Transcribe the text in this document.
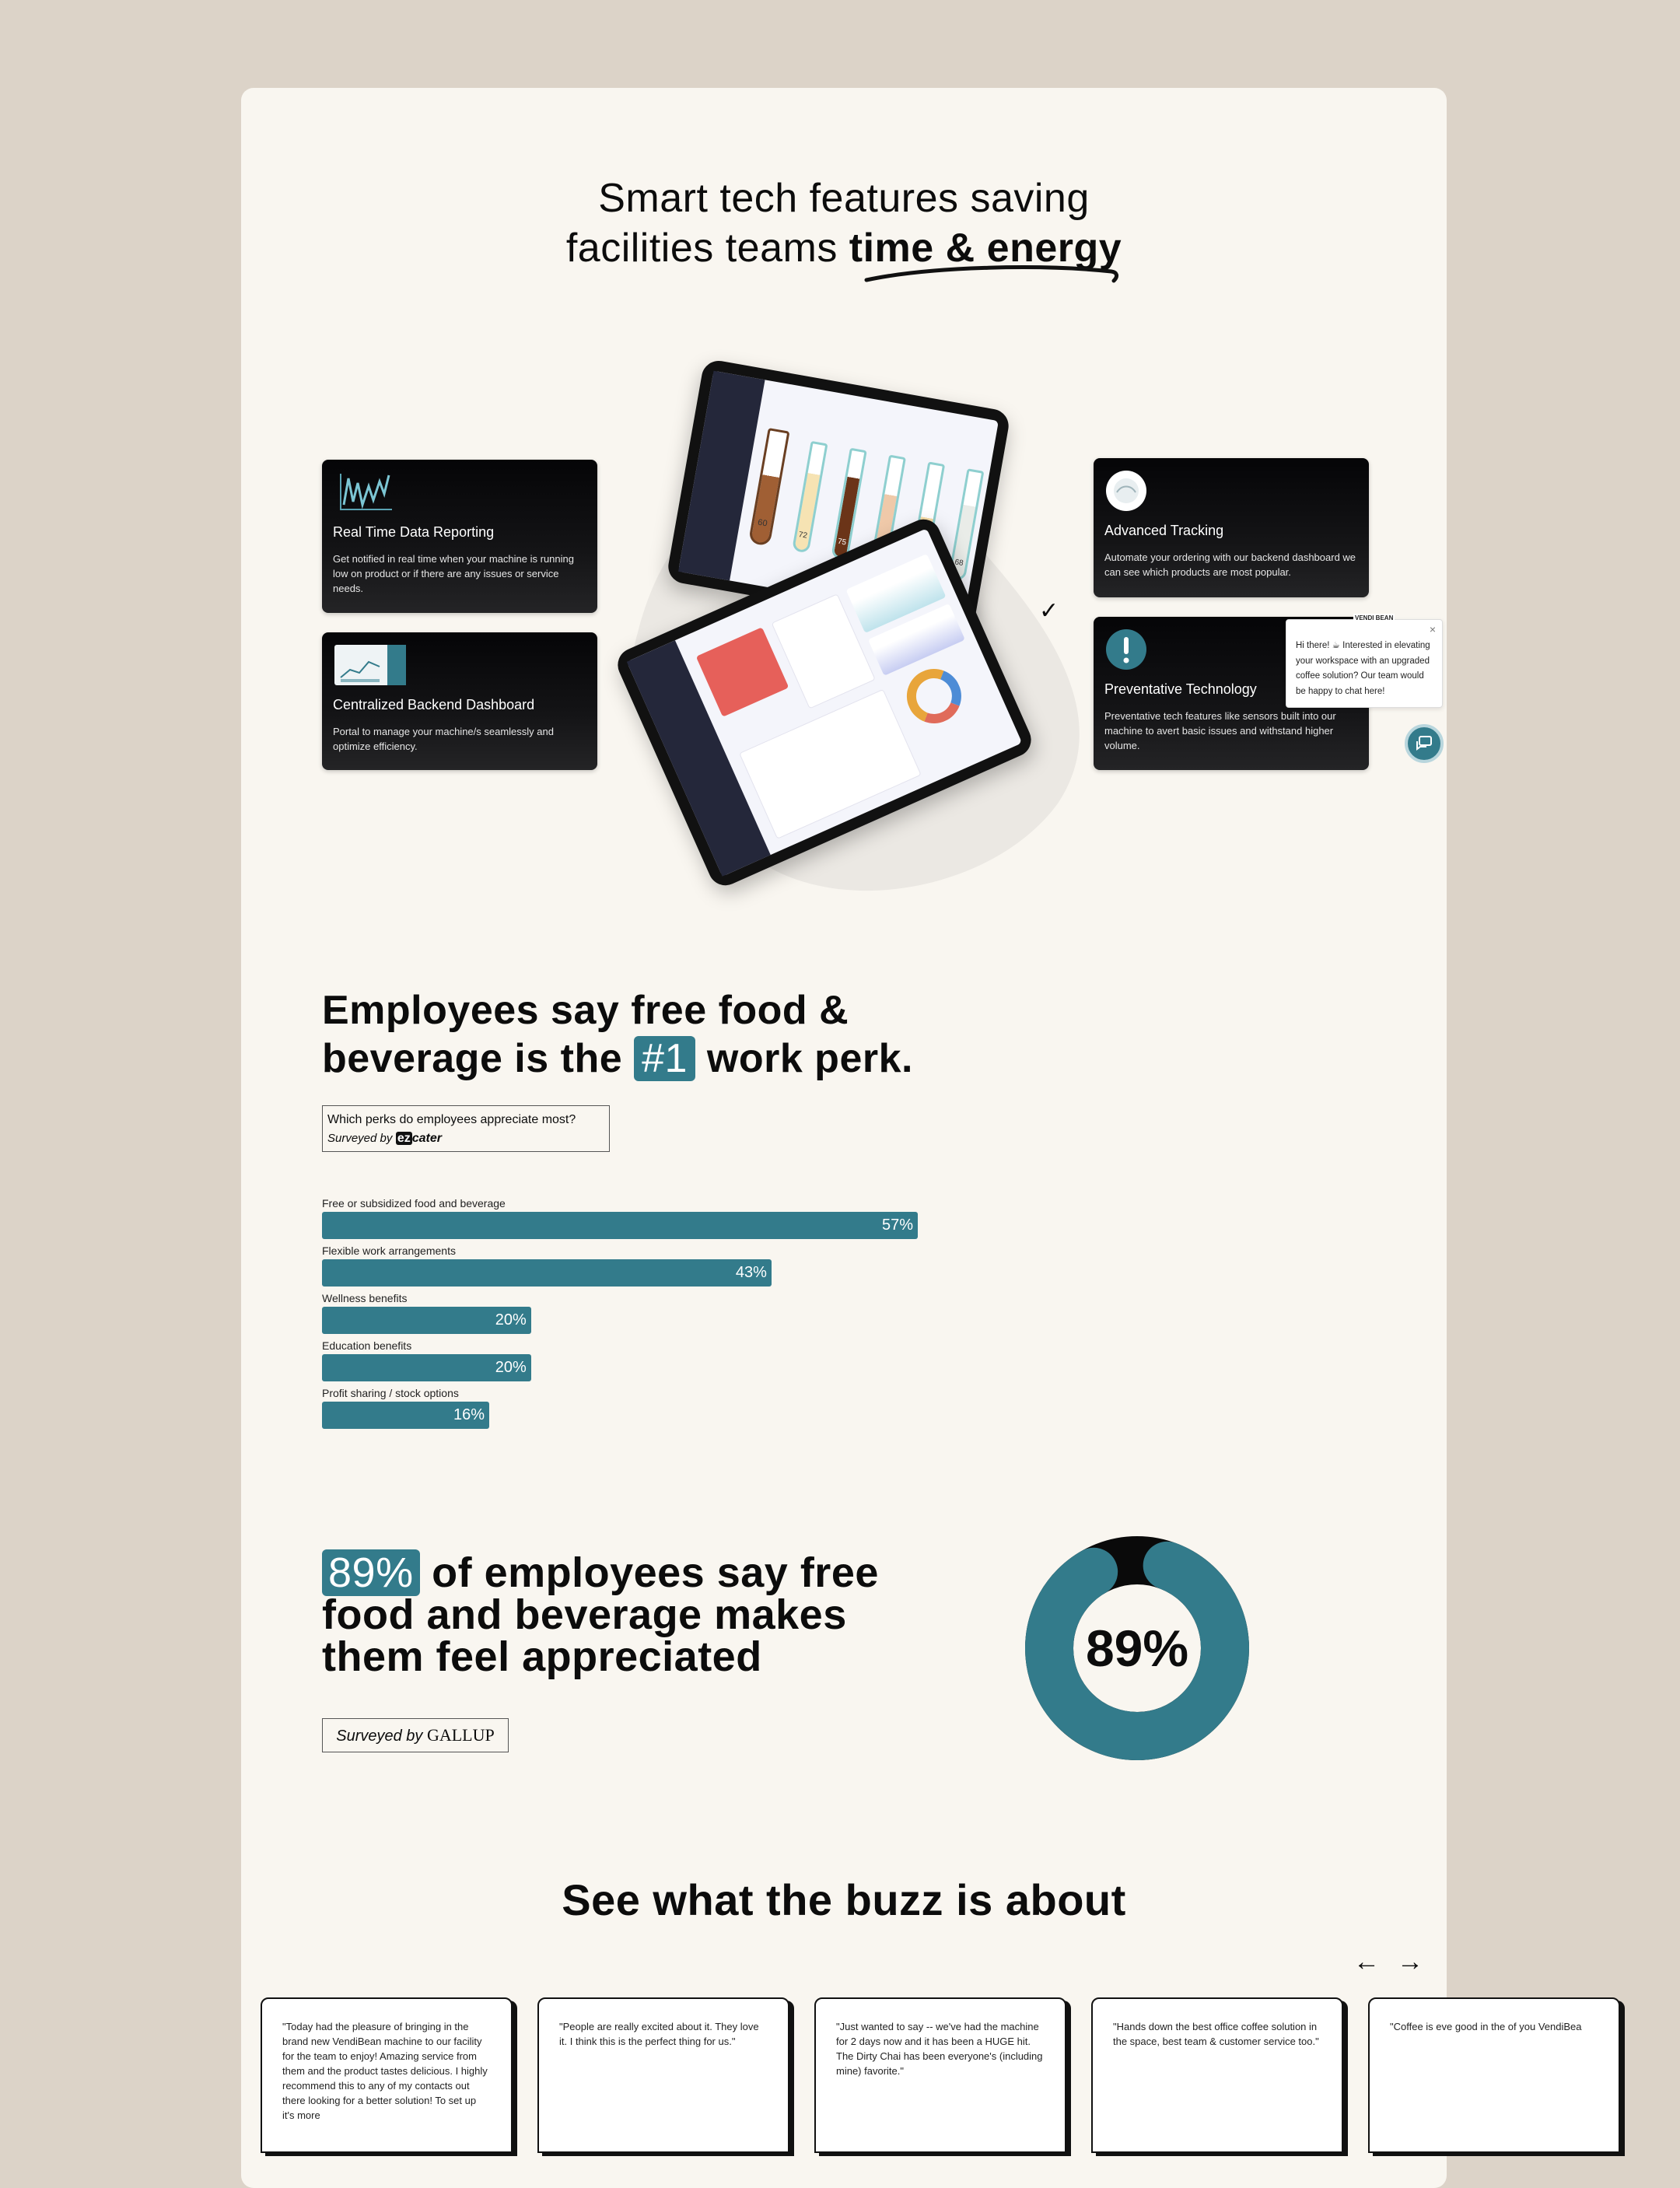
Smart tech features saving
facilities teams time & energy
60
72
75
68
✓
Real Time Data Reporting
Get notified in real time when your machine is running low on product or if there are any issues or service needs.
Centralized Backend Dashboard
Portal to manage your machine/s seamlessly and optimize efficiency.
Advanced Tracking
Automate your ordering with our backend dashboard we can see which products are most popular.
Preventative Technology
Preventative tech features like sensors built into our machine to avert basic issues and withstand higher volume.
VENDI BEAN
×
Hi there! ☕ Interested in elevating your workspace with an upgraded coffee solution? Our team would be happy to chat here!
Employees say free food &
beverage is the #1 work perk.
Which perks do employees appreciate most?
Surveyed by ez cater
Free or subsidized food and beverage
57%
Flexible work arrangements
43%
Wellness benefits
20%
Education benefits
20%
Profit sharing / stock options
16%
89% of employees say free food and beverage makes them feel appreciated
Surveyed by GALLUP
89%
See what the buzz is about
←→
"Today had the pleasure of bringing in the brand new VendiBean machine to our facility for the team to enjoy! Amazing service from them and the product tastes delicious. I highly recommend this to any of my contacts out there looking for a better solution! To set up it's more
"People are really excited about it. They love it. I think this is the perfect thing for us."
"Just wanted to say -- we've had the machine for 2 days now and it has been a HUGE hit. The Dirty Chai has been everyone's (including mine) favorite."
"Hands down the best office coffee solution in the space, best team & customer service too."
"Coffee is eve good in the of you VendiBea
